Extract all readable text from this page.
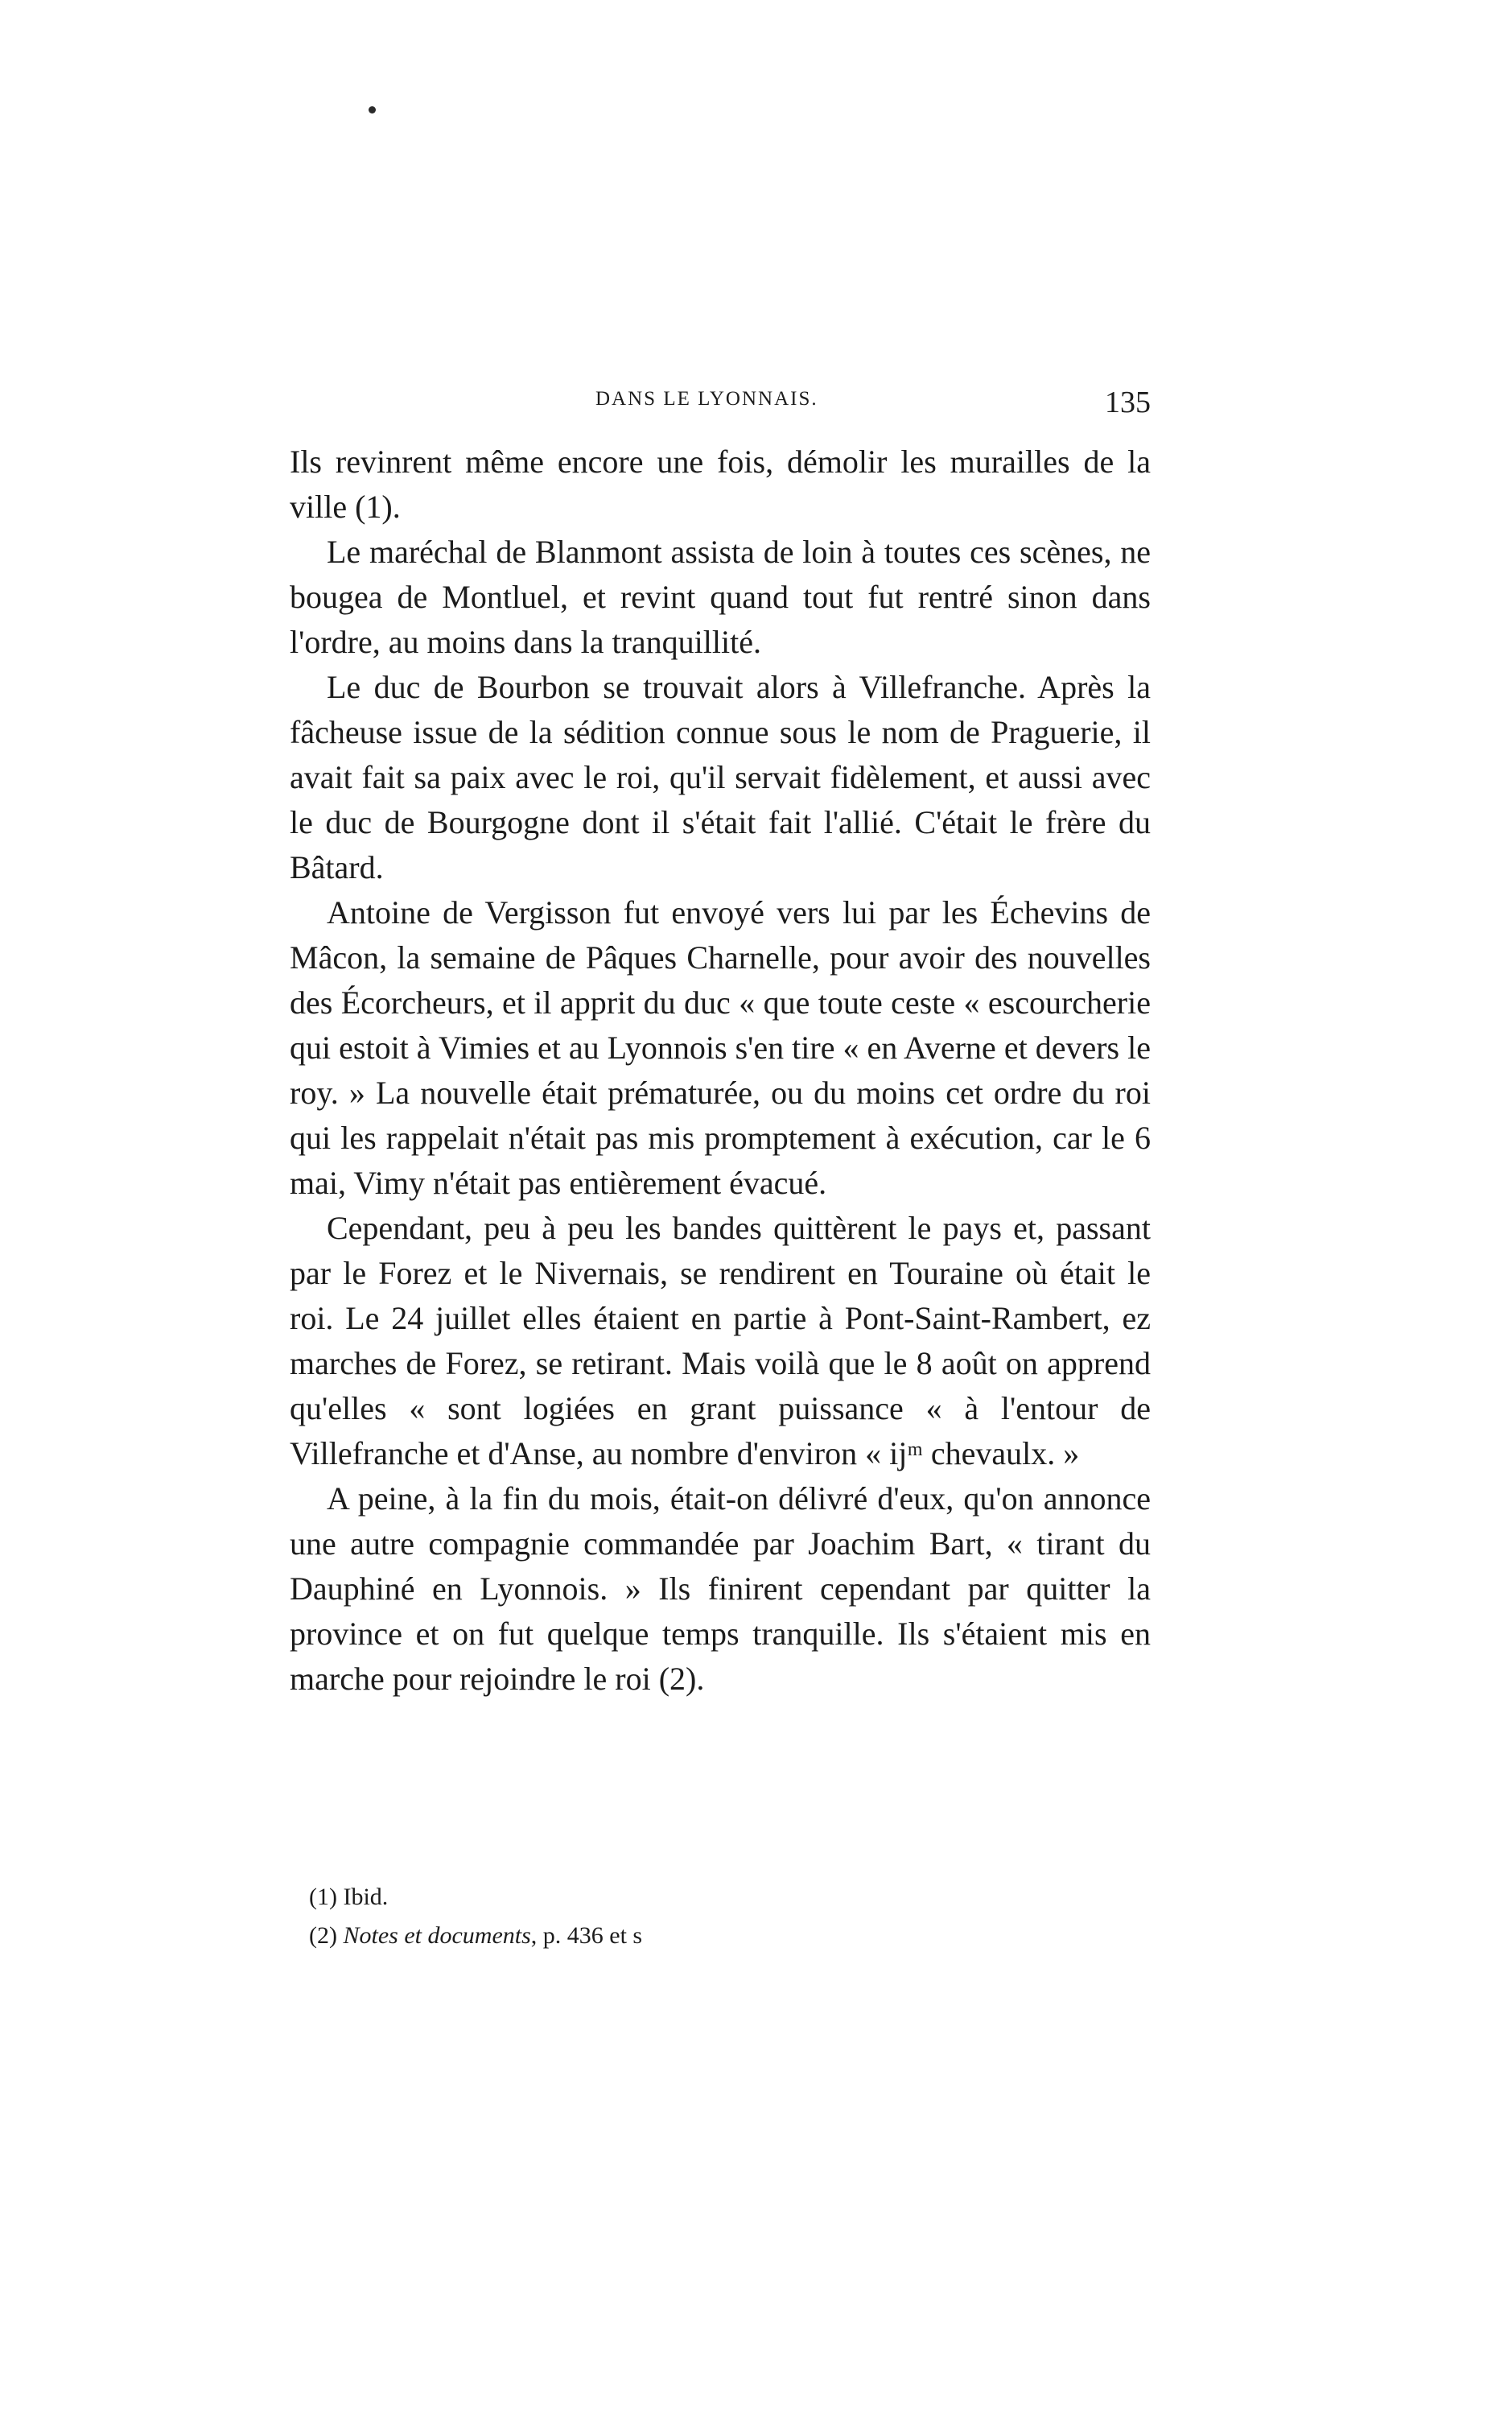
DANS LE LYONNAIS.	135

Ils revinrent même encore une fois, démolir les murailles de la ville (1).

Le maréchal de Blanmont assista de loin à toutes ces scènes, ne bougea de Montluel, et revint quand tout fut rentré sinon dans l'ordre, au moins dans la tranquillité.

Le duc de Bourbon se trouvait alors à Villefranche. Après la fâcheuse issue de la sédition connue sous le nom de Praguerie, il avait fait sa paix avec le roi, qu'il servait fidèlement, et aussi avec le duc de Bourgogne dont il s'était fait l'allié. C'était le frère du Bâtard.

Antoine de Vergisson fut envoyé vers lui par les Échevins de Mâcon, la semaine de Pâques Charnelle, pour avoir des nouvelles des Écorcheurs, et il apprit du duc « que toute ceste « escourcherie qui estoit à Vimies et au Lyonnois s'en tire « en Averne et devers le roy. » La nouvelle était prématurée, ou du moins cet ordre du roi qui les rappelait n'était pas mis promptement à exécution, car le 6 mai, Vimy n'était pas entièrement évacué.

Cependant, peu à peu les bandes quittèrent le pays et, passant par le Forez et le Nivernais, se rendirent en Touraine où était le roi. Le 24 juillet elles étaient en partie à Pont-Saint-Rambert, ez marches de Forez, se retirant. Mais voilà que le 8 août on apprend qu'elles « sont logiées en grant puissance « à l'entour de Villefranche et d'Anse, au nombre d'environ « ijᵐ chevaulx. »

A peine, à la fin du mois, était-on délivré d'eux, qu'on annonce une autre compagnie commandée par Joachim Bart, « tirant du Dauphiné en Lyonnois. » Ils finirent cependant par quitter la province et on fut quelque temps tranquille. Ils s'étaient mis en marche pour rejoindre le roi (2).

(1) Ibid.
(2) Notes et documents, p. 436 et s
